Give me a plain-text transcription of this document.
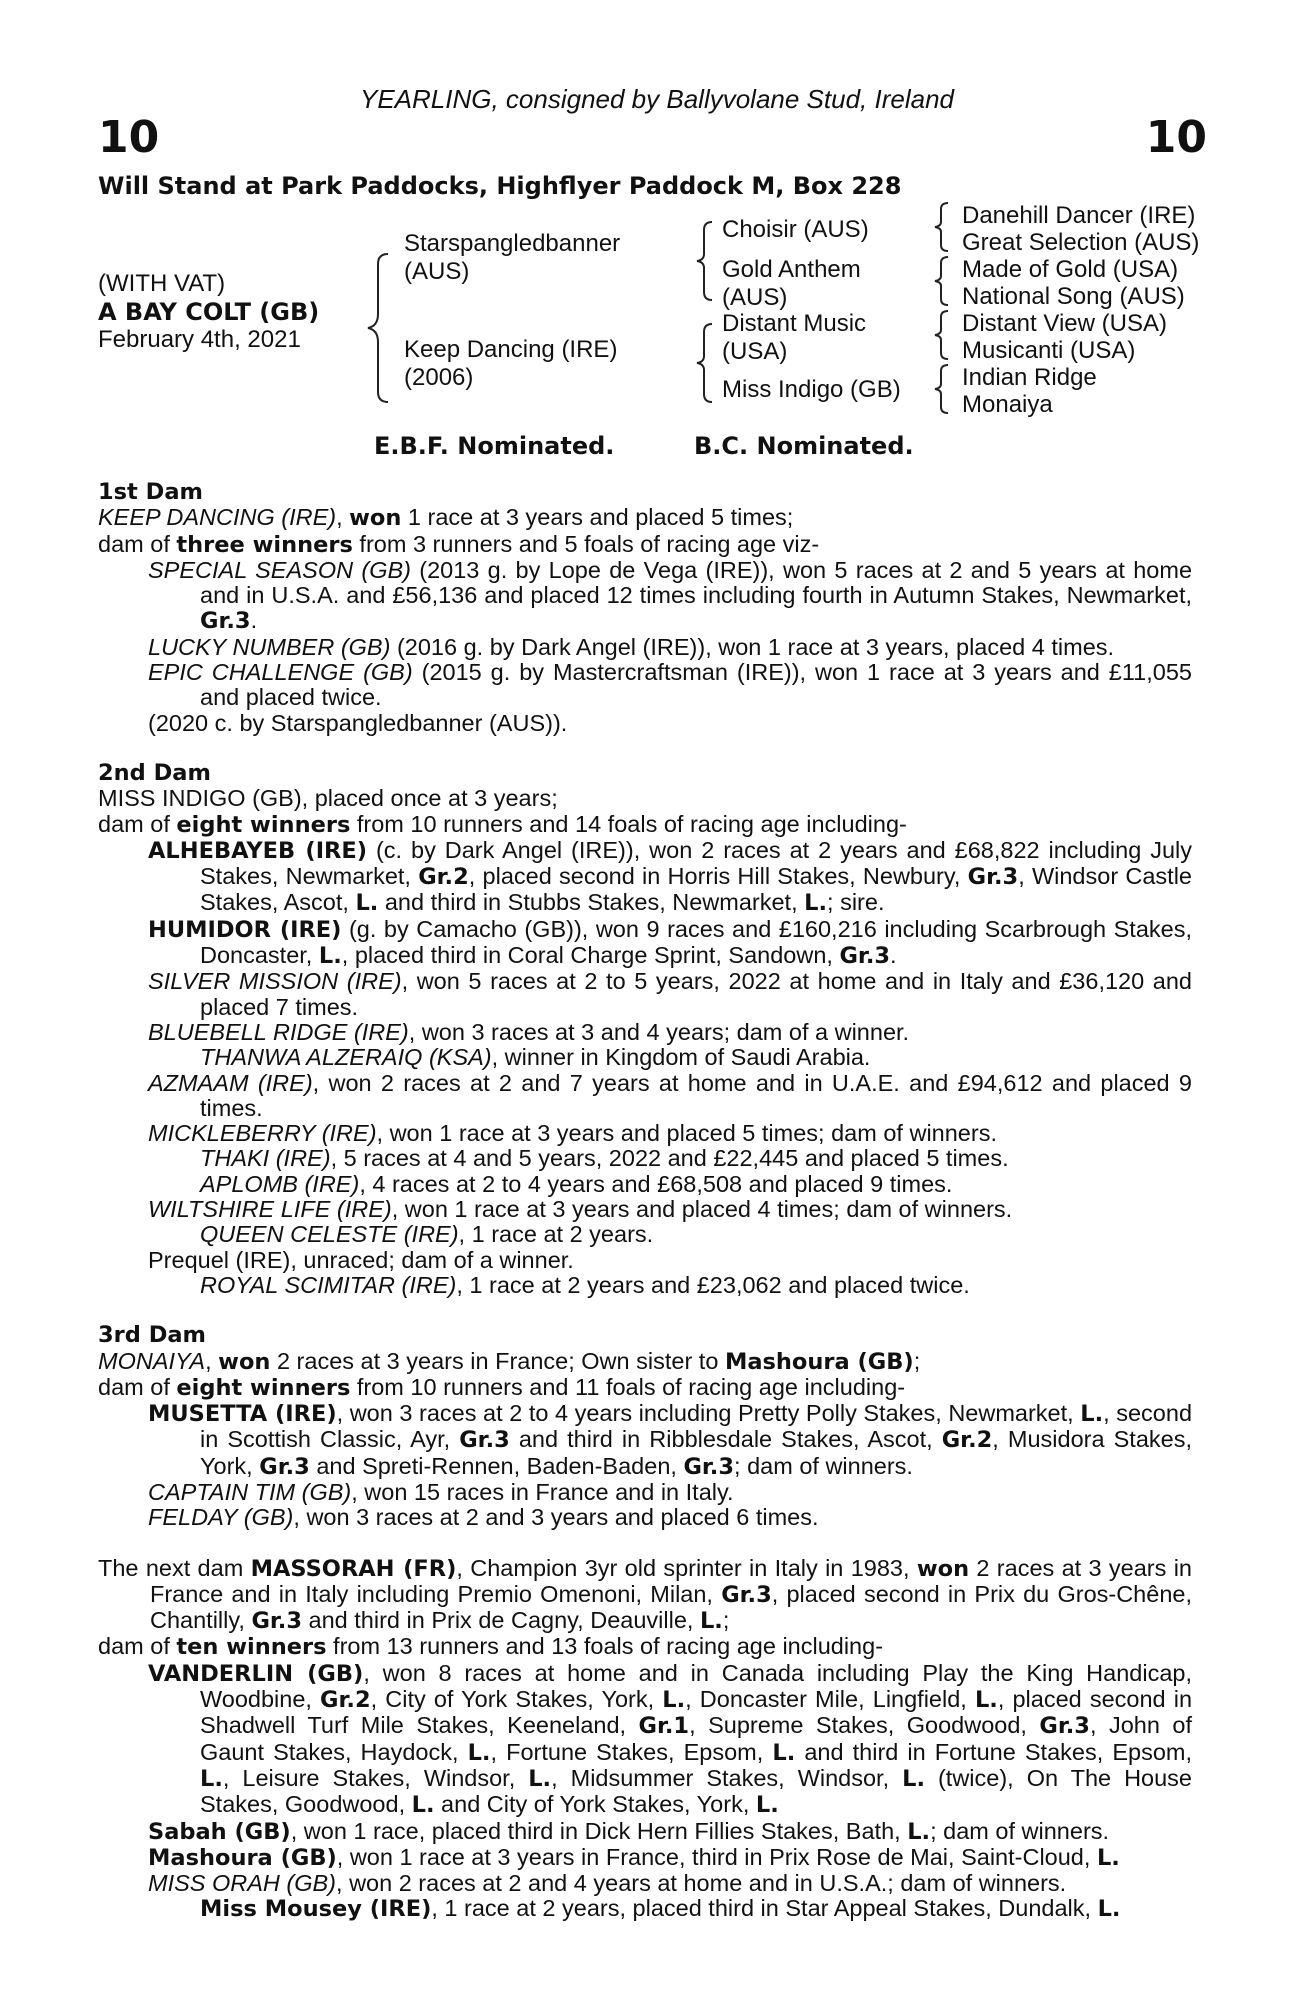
YEARLING, consigned by Ballyvolane Stud, Ireland
10	10
Will Stand at Park Paddocks, Highflyer Paddock M, Box 228
(WITH VAT)
A BAY COLT (GB)
February 4th, 2021
Starspangledbanner
(AUS)
Keep Dancing (IRE)
(2006)
Choisir (AUS)
Gold Anthem
(AUS)
Distant Music
(USA)
Miss Indigo (GB)
Danehill Dancer (IRE)
Great Selection (AUS)
Made of Gold (USA)
National Song (AUS)
Distant View (USA)
Musicanti (USA)
Indian Ridge
Monaiya
E.B.F. Nominated.	B.C. Nominated.

1st Dam

KEEP DANCING (IRE), won 1 race at 3 years and placed 5 times;

dam of three winners from 3 runners and 5 foals of racing age viz-

SPECIAL SEASON (GB) (2013 g. by Lope de Vega (IRE)), won 5 races at 2 and 5 years at home and in U.S.A. and £56,136 and placed 12 times including fourth in Autumn Stakes, Newmarket, Gr.3.

LUCKY NUMBER (GB) (2016 g. by Dark Angel (IRE)), won 1 race at 3 years, placed 4 times.

EPIC CHALLENGE (GB) (2015 g. by Mastercraftsman (IRE)), won 1 race at 3 years and £11,055 and placed twice.

(2020 c. by Starspangledbanner (AUS)).

2nd Dam

MISS INDIGO (GB), placed once at 3 years;

dam of eight winners from 10 runners and 14 foals of racing age including-

ALHEBAYEB (IRE) (c. by Dark Angel (IRE)), won 2 races at 2 years and £68,822 including July Stakes, Newmarket, Gr.2, placed second in Horris Hill Stakes, Newbury, Gr.3, Windsor Castle Stakes, Ascot, L. and third in Stubbs Stakes, Newmarket, L.; sire.

HUMIDOR (IRE) (g. by Camacho (GB)), won 9 races and £160,216 including Scarbrough Stakes, Doncaster, L., placed third in Coral Charge Sprint, Sandown, Gr.3.

SILVER MISSION (IRE), won 5 races at 2 to 5 years, 2022 at home and in Italy and £36,120 and placed 7 times.

BLUEBELL RIDGE (IRE), won 3 races at 3 and 4 years; dam of a winner.

THANWA ALZERAIQ (KSA), winner in Kingdom of Saudi Arabia.

AZMAAM (IRE), won 2 races at 2 and 7 years at home and in U.A.E. and £94,612 and placed 9 times.

MICKLEBERRY (IRE), won 1 race at 3 years and placed 5 times; dam of winners.

THAKI (IRE), 5 races at 4 and 5 years, 2022 and £22,445 and placed 5 times.

APLOMB (IRE), 4 races at 2 to 4 years and £68,508 and placed 9 times.

WILTSHIRE LIFE (IRE), won 1 race at 3 years and placed 4 times; dam of winners.

QUEEN CELESTE (IRE), 1 race at 2 years.

Prequel (IRE), unraced; dam of a winner.

ROYAL SCIMITAR (IRE), 1 race at 2 years and £23,062 and placed twice.

3rd Dam

MONAIYA, won 2 races at 3 years in France; Own sister to Mashoura (GB);

dam of eight winners from 10 runners and 11 foals of racing age including-

MUSETTA (IRE), won 3 races at 2 to 4 years including Pretty Polly Stakes, Newmarket, L., second in Scottish Classic, Ayr, Gr.3 and third in Ribblesdale Stakes, Ascot, Gr.2, Musidora Stakes, York, Gr.3 and Spreti-Rennen, Baden-Baden, Gr.3; dam of winners.

CAPTAIN TIM (GB), won 15 races in France and in Italy.

FELDAY (GB), won 3 races at 2 and 3 years and placed 6 times.

The next dam MASSORAH (FR), Champion 3yr old sprinter in Italy in 1983, won 2 races at 3 years in France and in Italy including Premio Omenoni, Milan, Gr.3, placed second in Prix du Gros-Chêne, Chantilly, Gr.3 and third in Prix de Cagny, Deauville, L.;

dam of ten winners from 13 runners and 13 foals of racing age including-

VANDERLIN (GB), won 8 races at home and in Canada including Play the King Handicap, Woodbine, Gr.2, City of York Stakes, York, L., Doncaster Mile, Lingfield, L., placed second in Shadwell Turf Mile Stakes, Keeneland, Gr.1, Supreme Stakes, Goodwood, Gr.3, John of Gaunt Stakes, Haydock, L., Fortune Stakes, Epsom, L. and third in Fortune Stakes, Epsom, L., Leisure Stakes, Windsor, L., Midsummer Stakes, Windsor, L. (twice), On The House Stakes, Goodwood, L. and City of York Stakes, York, L.

Sabah (GB), won 1 race, placed third in Dick Hern Fillies Stakes, Bath, L.; dam of winners.

Mashoura (GB), won 1 race at 3 years in France, third in Prix Rose de Mai, Saint-Cloud, L.

MISS ORAH (GB), won 2 races at 2 and 4 years at home and in U.S.A.; dam of winners.

Miss Mousey (IRE), 1 race at 2 years, placed third in Star Appeal Stakes, Dundalk, L.
